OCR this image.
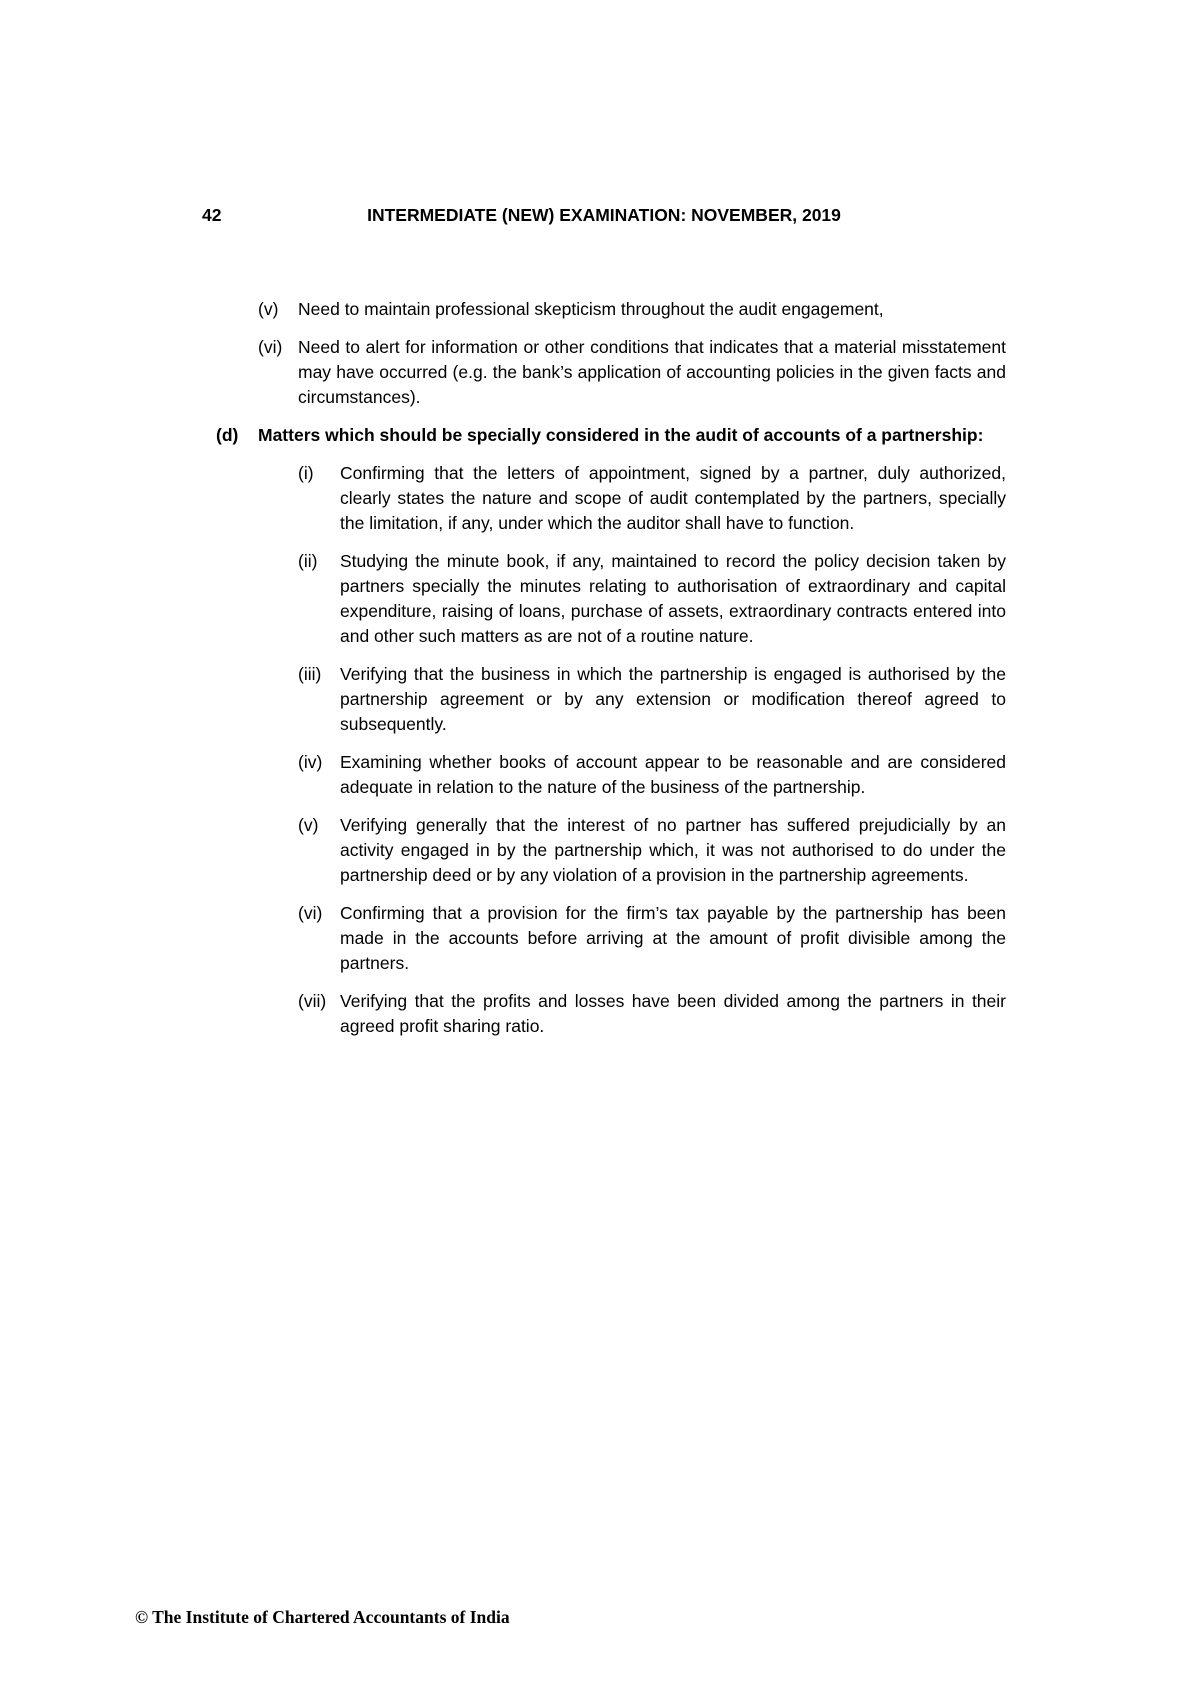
42	INTERMEDIATE (NEW) EXAMINATION: NOVEMBER, 2019
(v)	Need to maintain professional skepticism throughout the audit engagement,
(vi) Need to alert for information or other conditions that indicates that a material misstatement may have occurred (e.g. the bank’s application of accounting policies in the given facts and circumstances).
(d)	Matters which should be specially considered in the audit of accounts of a partnership:
(i)	Confirming that the letters of appointment, signed by a partner, duly authorized, clearly states the nature and scope of audit contemplated by the partners, specially the limitation, if any, under which the auditor shall have to function.
(ii)	Studying the minute book, if any, maintained to record the policy decision taken by partners specially the minutes relating to authorisation of extraordinary and capital expenditure, raising of loans, purchase of assets, extraordinary contracts entered into and other such matters as are not of a routine nature.
(iii)	Verifying that the business in which the partnership is engaged is authorised by the partnership agreement or by any extension or modification thereof agreed to subsequently.
(iv)	Examining whether books of account appear to be reasonable and are considered adequate in relation to the nature of the business of the partnership.
(v)	Verifying generally that the interest of no partner has suffered prejudicially by an activity engaged in by the partnership which, it was not authorised to do under the partnership deed or by any violation of a provision in the partnership agreements.
(vi)	Confirming that a provision for the firm’s tax payable by the partnership has been made in the accounts before arriving at the amount of profit divisible among the partners.
(vii) Verifying that the profits and losses have been divided among the partners in their agreed profit sharing ratio.
© The Institute of Chartered Accountants of India
